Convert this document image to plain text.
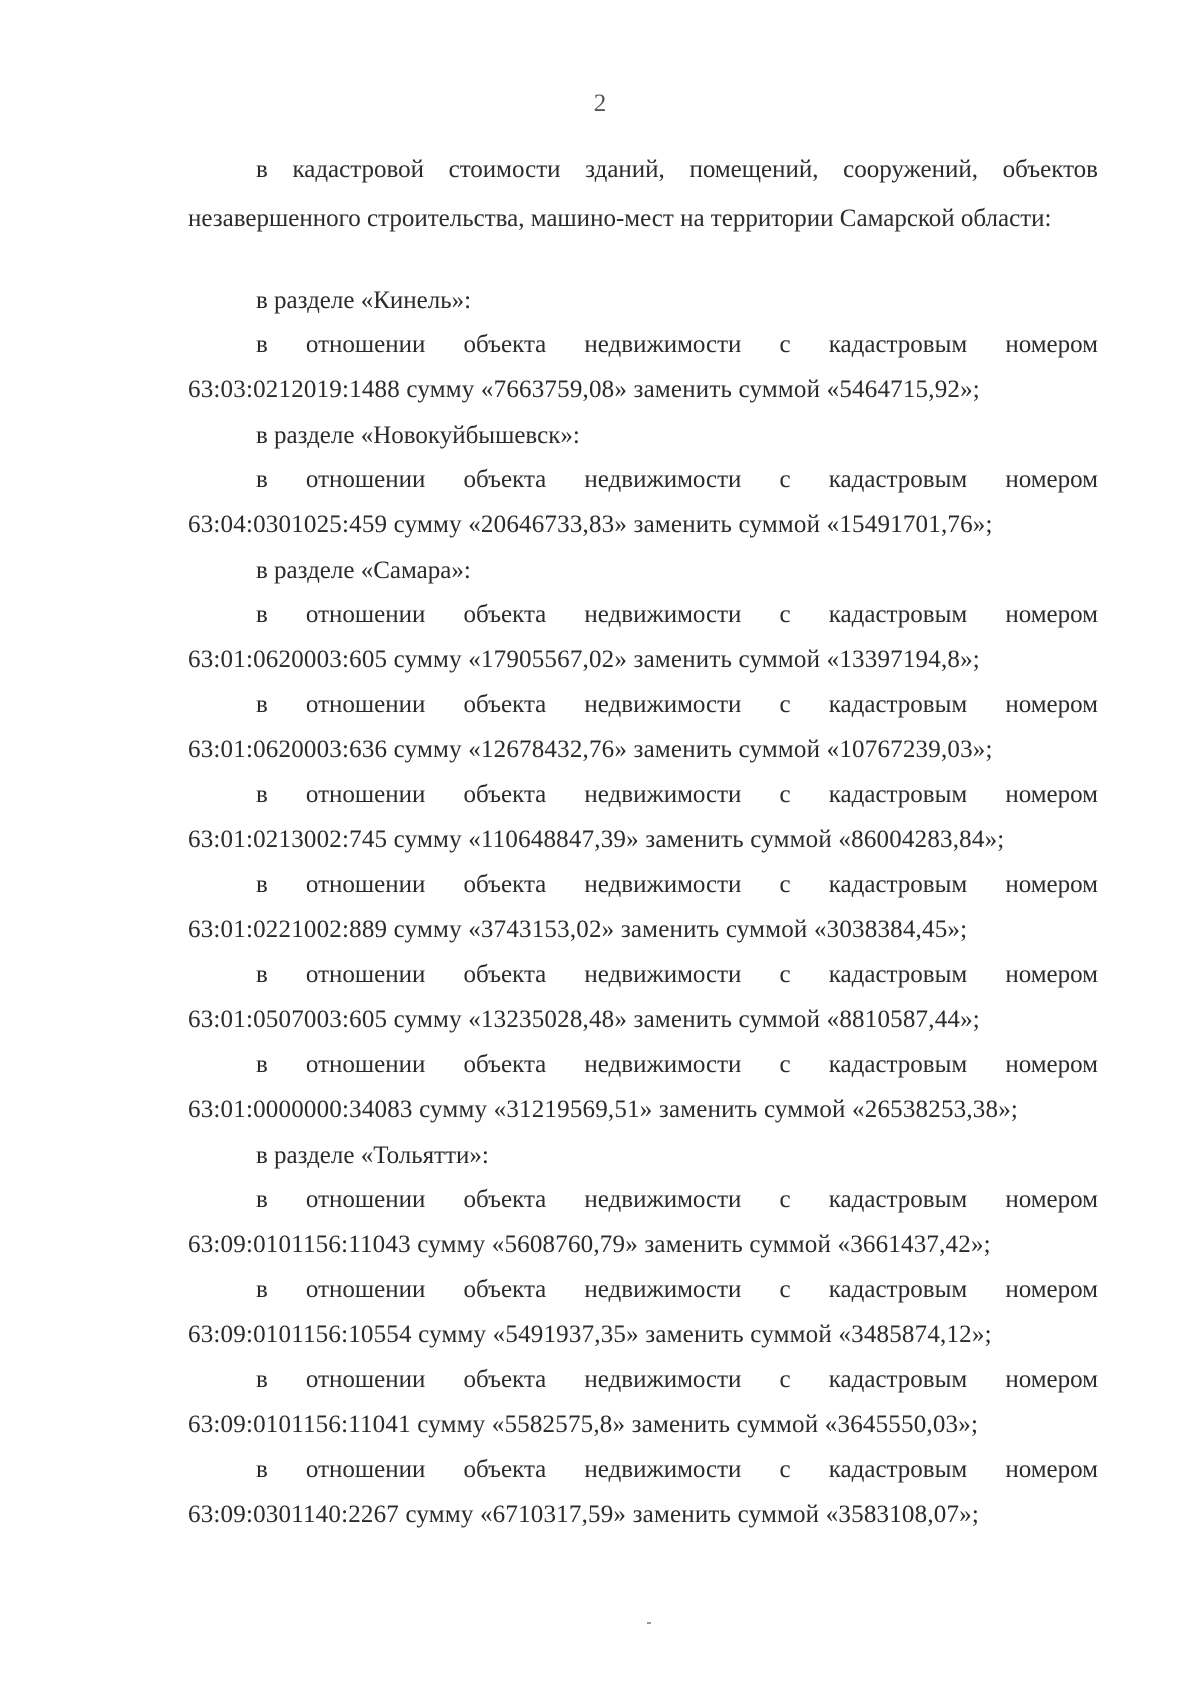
2

в кадастровой стоимости зданий, помещений, сооружений, объектов незавершенного строительства, машино-мест на территории Самарской области:

в разделе «Кинель»:
в отношении объекта недвижимости с кадастровым номером
63:03:0212019:1488 сумму «7663759,08» заменить суммой «5464715,92»;
в разделе «Новокуйбышевск»:
в отношении объекта недвижимости с кадастровым номером
63:04:0301025:459 сумму «20646733,83» заменить суммой «15491701,76»;
в разделе «Самара»:
в отношении объекта недвижимости с кадастровым номером
63:01:0620003:605 сумму «17905567,02» заменить суммой «13397194,8»;
в отношении объекта недвижимости с кадастровым номером
63:01:0620003:636 сумму «12678432,76» заменить суммой «10767239,03»;
в отношении объекта недвижимости с кадастровым номером
63:01:0213002:745 сумму «110648847,39» заменить суммой «86004283,84»;
в отношении объекта недвижимости с кадастровым номером
63:01:0221002:889 сумму «3743153,02» заменить суммой «3038384,45»;
в отношении объекта недвижимости с кадастровым номером
63:01:0507003:605 сумму «13235028,48» заменить суммой «8810587,44»;
в отношении объекта недвижимости с кадастровым номером
63:01:0000000:34083 сумму «31219569,51» заменить суммой «26538253,38»;
в разделе «Тольятти»:
в отношении объекта недвижимости с кадастровым номером
63:09:0101156:11043 сумму «5608760,79» заменить суммой «3661437,42»;
в отношении объекта недвижимости с кадастровым номером
63:09:0101156:10554 сумму «5491937,35» заменить суммой «3485874,12»;
в отношении объекта недвижимости с кадастровым номером
63:09:0101156:11041 сумму «5582575,8» заменить суммой «3645550,03»;
в отношении объекта недвижимости с кадастровым номером
63:09:0301140:2267 сумму «6710317,59» заменить суммой «3583108,07»;
